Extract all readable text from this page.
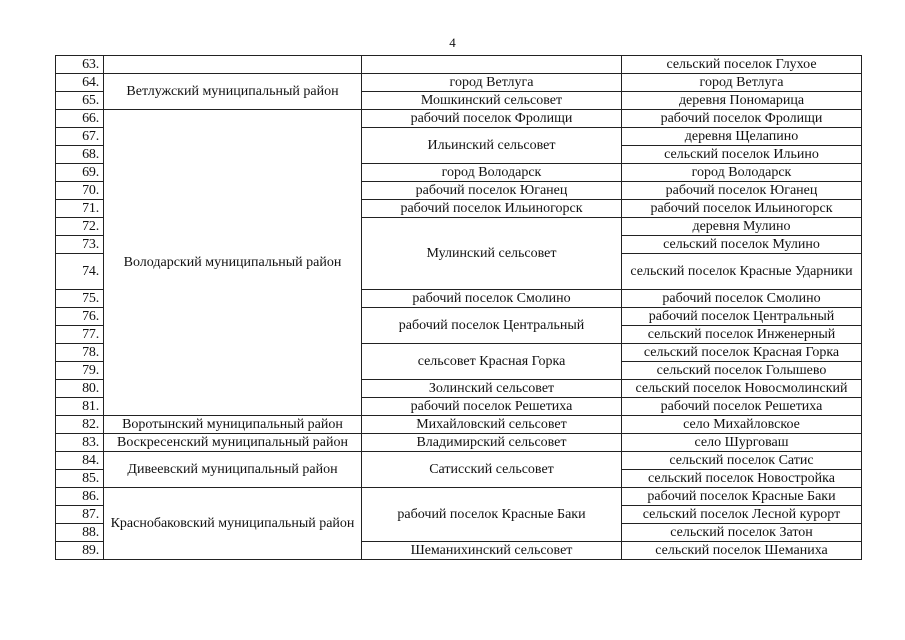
4
63.			сельский поселок Глухое
64.	Ветлужский муниципальный район	город Ветлуга	город Ветлуга
65.		Мошкинский сельсовет	деревня Пономарица
66.	Володарский муниципальный район	рабочий поселок Фролищи	рабочий поселок Фролищи
67.		Ильинский сельсовет	деревня Щелапино
68.			сельский поселок Ильино
69.		город Володарск	город Володарск
70.		рабочий поселок Юганец	рабочий поселок Юганец
71.		рабочий поселок Ильиногорск	рабочий поселок Ильиногорск
72.		Мулинский сельсовет	деревня Мулино
73.			сельский поселок Мулино
74.			сельский поселок Красные Ударники
75.		рабочий поселок Смолино	рабочий поселок Смолино
76.		рабочий поселок Центральный	рабочий поселок Центральный
77.			сельский поселок Инженерный
78.		сельсовет Красная Горка	сельский поселок Красная Горка
79.			сельский поселок Голышево
80.		Золинский сельсовет	сельский поселок Новосмолинский
81.		рабочий поселок Решетиха	рабочий поселок Решетиха
82.	Воротынский муниципальный район	Михайловский сельсовет	село Михайловское
83.	Воскресенский муниципальный район	Владимирский сельсовет	село Шурговаш
84.	Дивеевский муниципальный район	Сатисский сельсовет	сельский поселок Сатис
85.			сельский поселок Новостройка
86.	Краснобаковский муниципальный район	рабочий поселок Красные Баки	рабочий поселок Красные Баки
87.			сельский поселок Лесной курорт
88.			сельский поселок Затон
89.		Шеманихинский сельсовет	сельский поселок Шеманиха
